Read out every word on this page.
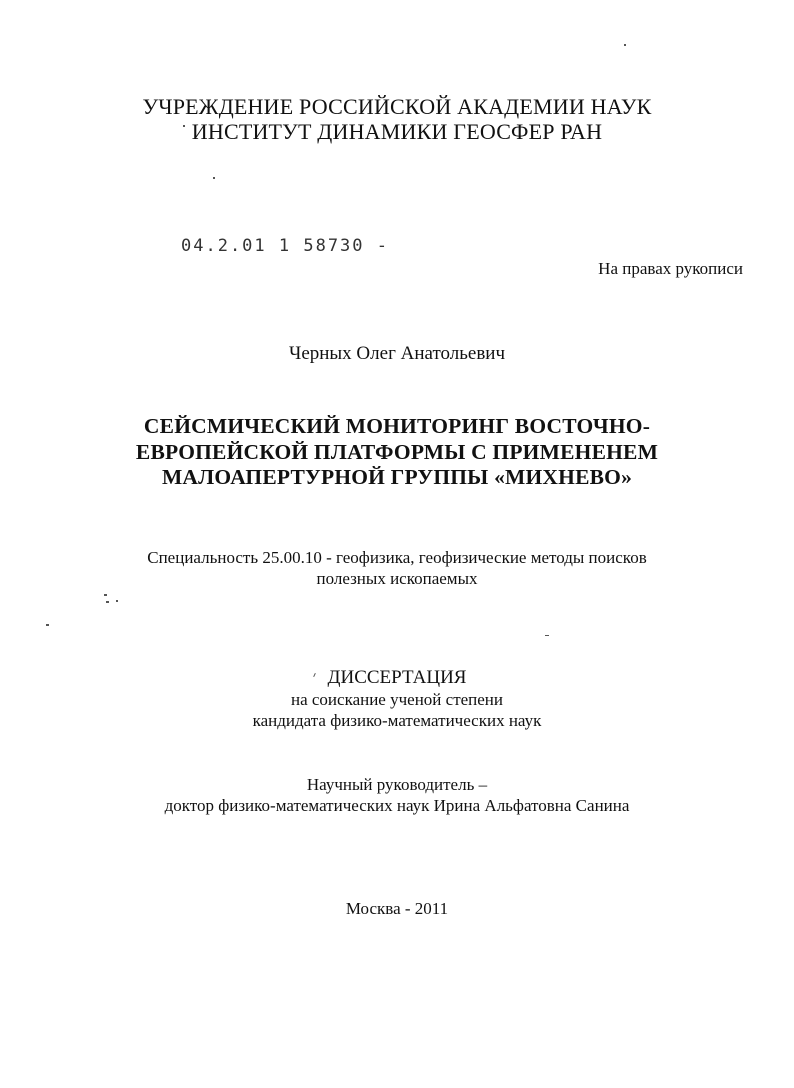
УЧРЕЖДЕНИЕ РОССИЙСКОЙ АКАДЕМИИ НАУК
ИНСТИТУТ ДИНАМИКИ ГЕОСФЕР РАН
04.2.01 1 58730 -
На правах рукописи
Черных Олег Анатольевич
СЕЙСМИЧЕСКИЙ МОНИТОРИНГ ВОСТОЧНО-
ЕВРОПЕЙСКОЙ ПЛАТФОРМЫ С ПРИМЕНЕНЕМ
МАЛОАПЕРТУРНОЙ ГРУППЫ «МИХНЕВО»
Специальность 25.00.10 - геофизика, геофизические методы поисков
полезных ископаемых
ДИССЕРТАЦИЯ
на соискание ученой степени
кандидата физико-математических наук
Научный руководитель –
доктор физико-математических наук Ирина Альфатовна Санина
Москва - 2011
